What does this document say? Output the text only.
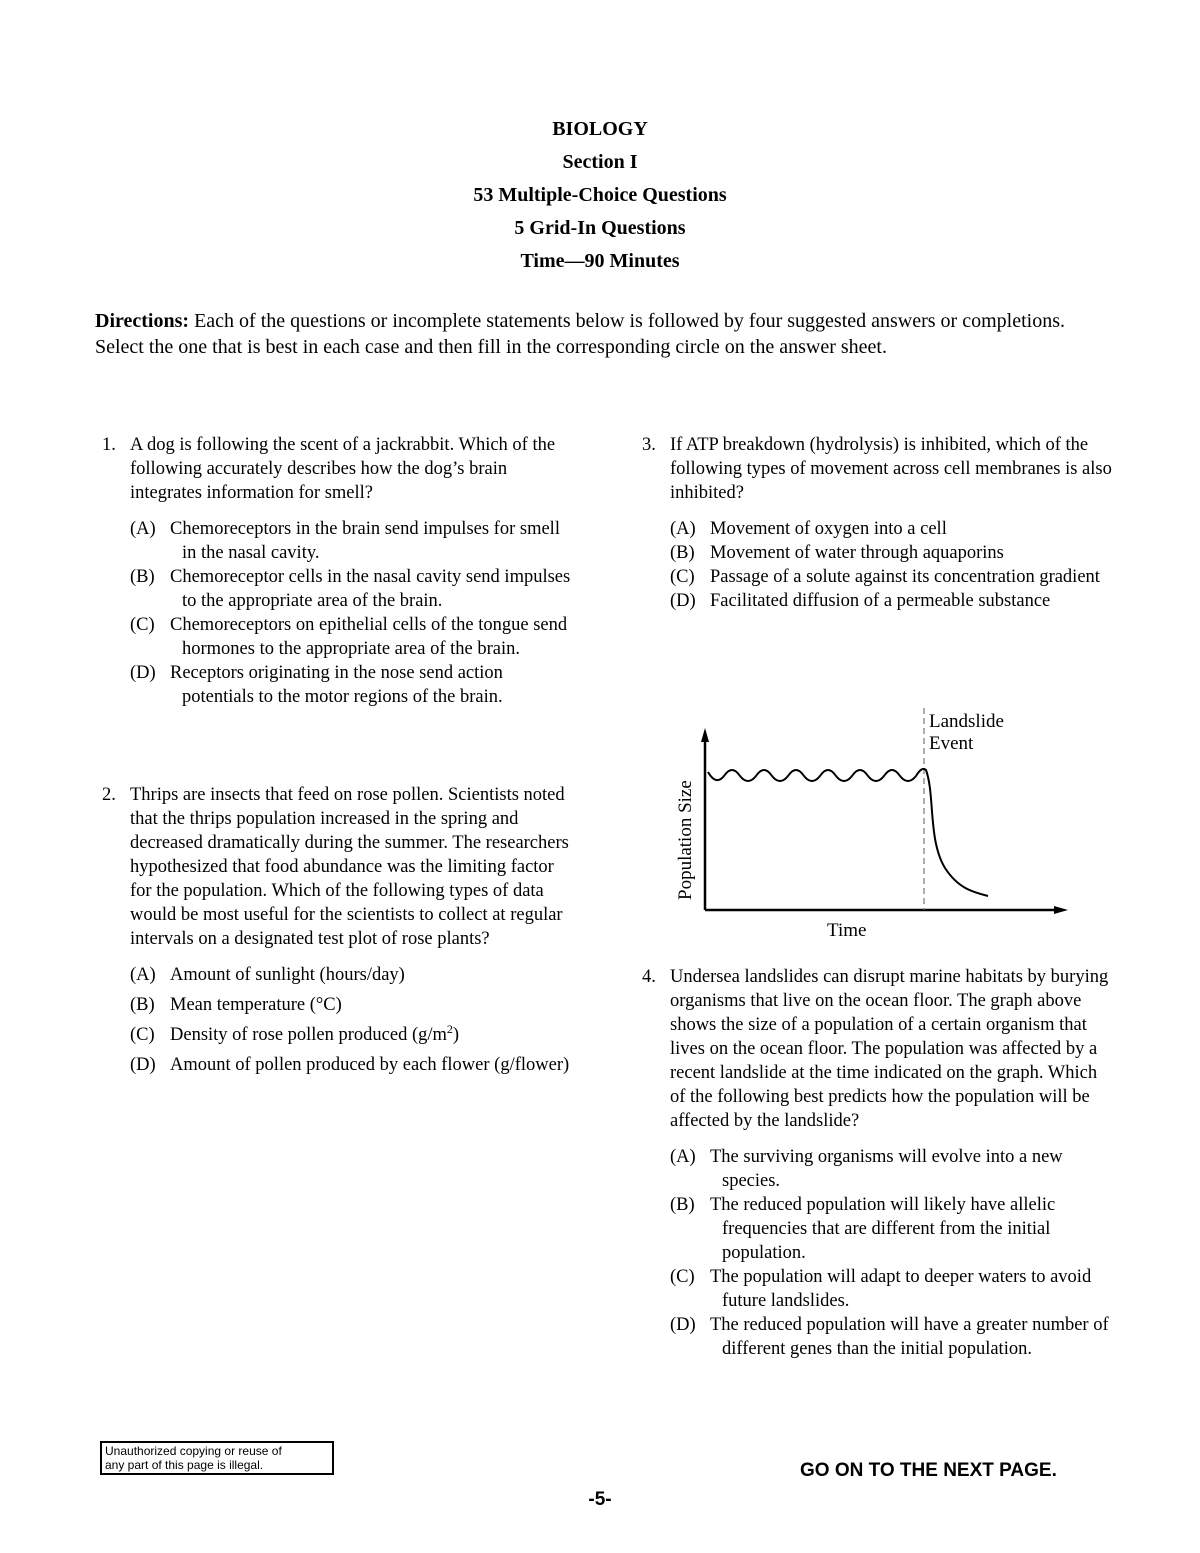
BIOLOGY
Section I
53 Multiple-Choice Questions
5 Grid-In Questions
Time—90 Minutes
Directions: Each of the questions or incomplete statements below is followed by four suggested answers or completions. Select the one that is best in each case and then fill in the corresponding circle on the answer sheet.
1. A dog is following the scent of a jackrabbit. Which of the following accurately describes how the dog’s brain integrates information for smell?
(A) Chemoreceptors in the brain send impulses for smell in the nasal cavity.
(B) Chemoreceptor cells in the nasal cavity send impulses to the appropriate area of the brain.
(C) Chemoreceptors on epithelial cells of the tongue send hormones to the appropriate area of the brain.
(D) Receptors originating in the nose send action potentials to the motor regions of the brain.
2. Thrips are insects that feed on rose pollen. Scientists noted that the thrips population increased in the spring and decreased dramatically during the summer. The researchers hypothesized that food abundance was the limiting factor for the population. Which of the following types of data would be most useful for the scientists to collect at regular intervals on a designated test plot of rose plants?
(A) Amount of sunlight (hours/day)
(B) Mean temperature (°C)
(C) Density of rose pollen produced $(g/m^2)$
(D) Amount of pollen produced by each flower (g/flower)
3. If ATP breakdown (hydrolysis) is inhibited, which of the following types of movement across cell membranes is also inhibited?
(A) Movement of oxygen into a cell
(B) Movement of water through aquaporins
(C) Passage of a solute against its concentration gradient
(D) Facilitated diffusion of a permeable substance
Landslide
Event
Time
Population Size
4. Undersea landslides can disrupt marine habitats by burying organisms that live on the ocean floor. The graph above shows the size of a population of a certain organism that lives on the ocean floor. The population was affected by a recent landslide at the time indicated on the graph. Which of the following best predicts how the population will be affected by the landslide?
(A) The surviving organisms will evolve into a new species.
(B) The reduced population will likely have allelic frequencies that are different from the initial population.
(C) The population will adapt to deeper waters to avoid future landslides.
(D) The reduced population will have a greater number of different genes than the initial population.
Unauthorized copying or reuse of
any part of this page is illegal.	GO ON TO THE NEXT PAGE.
-5-
